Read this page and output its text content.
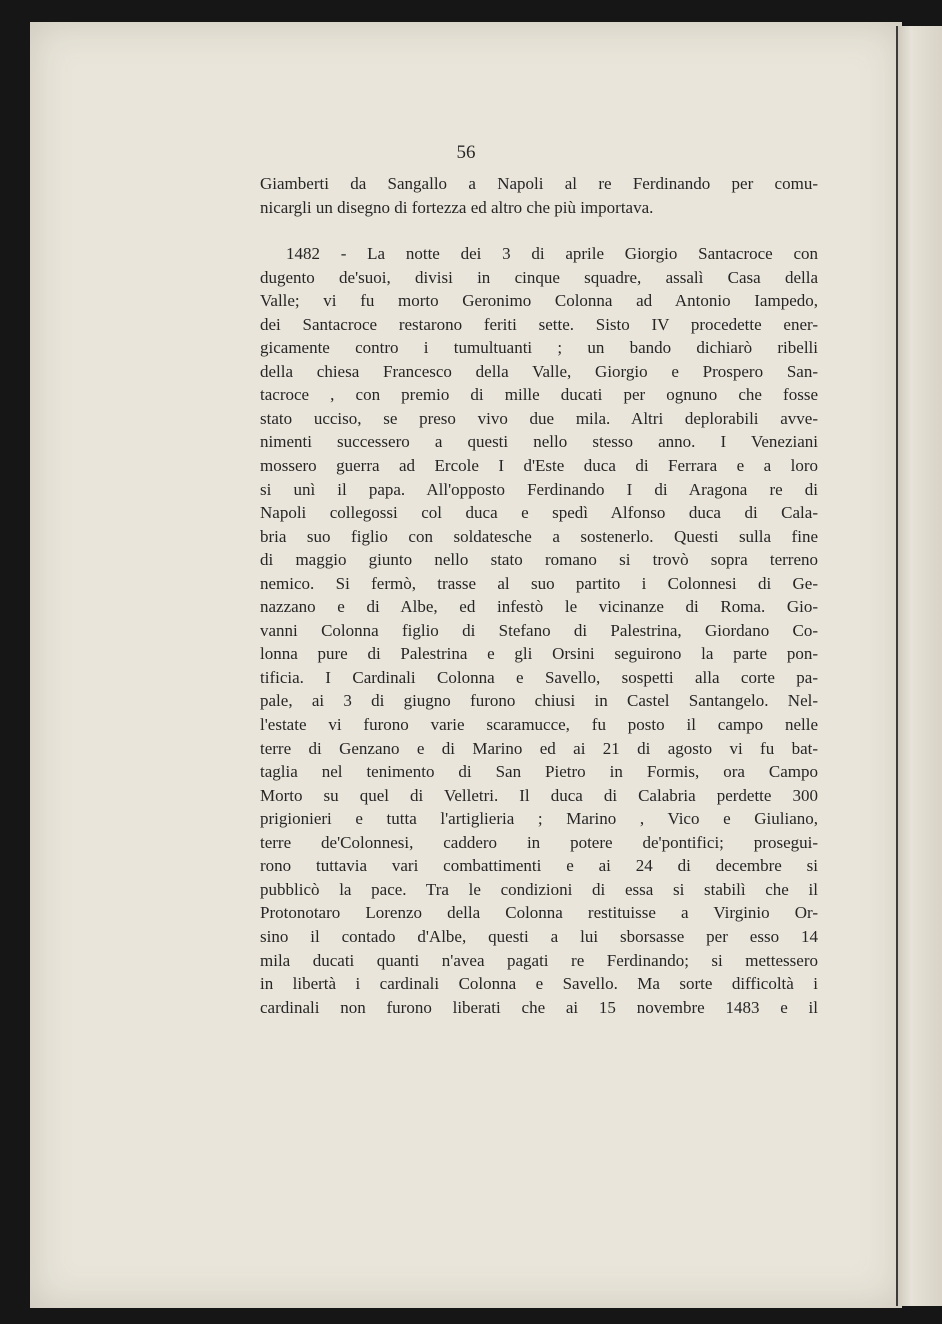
56
Giamberti da Sangallo a Napoli al re Ferdinando per comu-
nicargli un disegno di fortezza ed altro che più importava.
1482 - La notte dei 3 di aprile Giorgio Santacroce con
dugento de'suoi, divisi in cinque squadre, assalì Casa della
Valle; vi fu morto Geronimo Colonna ad Antonio Iampedo,
dei Santacroce restarono feriti sette. Sisto IV procedette ener-
gicamente contro i tumultuanti ; un bando dichiarò ribelli
della chiesa Francesco della Valle, Giorgio e Prospero San-
tacroce , con premio di mille ducati per ognuno che fosse
stato ucciso, se preso vivo due mila. Altri deplorabili avve-
nimenti successero a questi nello stesso anno. I Veneziani
mossero guerra ad Ercole I d'Este duca di Ferrara e a loro
si unì il papa. All'opposto Ferdinando I di Aragona re di
Napoli collegossi col duca e spedì Alfonso duca di Cala-
bria suo figlio con soldatesche a sostenerlo. Questi sulla fine
di maggio giunto nello stato romano si trovò sopra terreno
nemico. Si fermò, trasse al suo partito i Colonnesi di Ge-
nazzano e di Albe, ed infestò le vicinanze di Roma. Gio-
vanni Colonna figlio di Stefano di Palestrina, Giordano Co-
lonna pure di Palestrina e gli Orsini seguirono la parte pon-
tificia. I Cardinali Colonna e Savello, sospetti alla corte pa-
pale, ai 3 di giugno furono chiusi in Castel Santangelo. Nel-
l'estate vi furono varie scaramucce, fu posto il campo nelle
terre di Genzano e di Marino ed ai 21 di agosto vi fu bat-
taglia nel tenimento di San Pietro in Formis, ora Campo
Morto su quel di Velletri. Il duca di Calabria perdette 300
prigionieri e tutta l'artiglieria ; Marino , Vico e Giuliano,
terre de'Colonnesi, caddero in potere de'pontifici; prosegui-
rono tuttavia vari combattimenti e ai 24 di decembre si
pubblicò la pace. Tra le condizioni di essa si stabilì che il
Protonotaro Lorenzo della Colonna restituisse a Virginio Or-
sino il contado d'Albe, questi a lui sborsasse per esso 14
mila ducati quanti n'avea pagati re Ferdinando; si mettessero
in libertà i cardinali Colonna e Savello. Ma sorte difficoltà i
cardinali non furono liberati che ai 15 novembre 1483 e il
